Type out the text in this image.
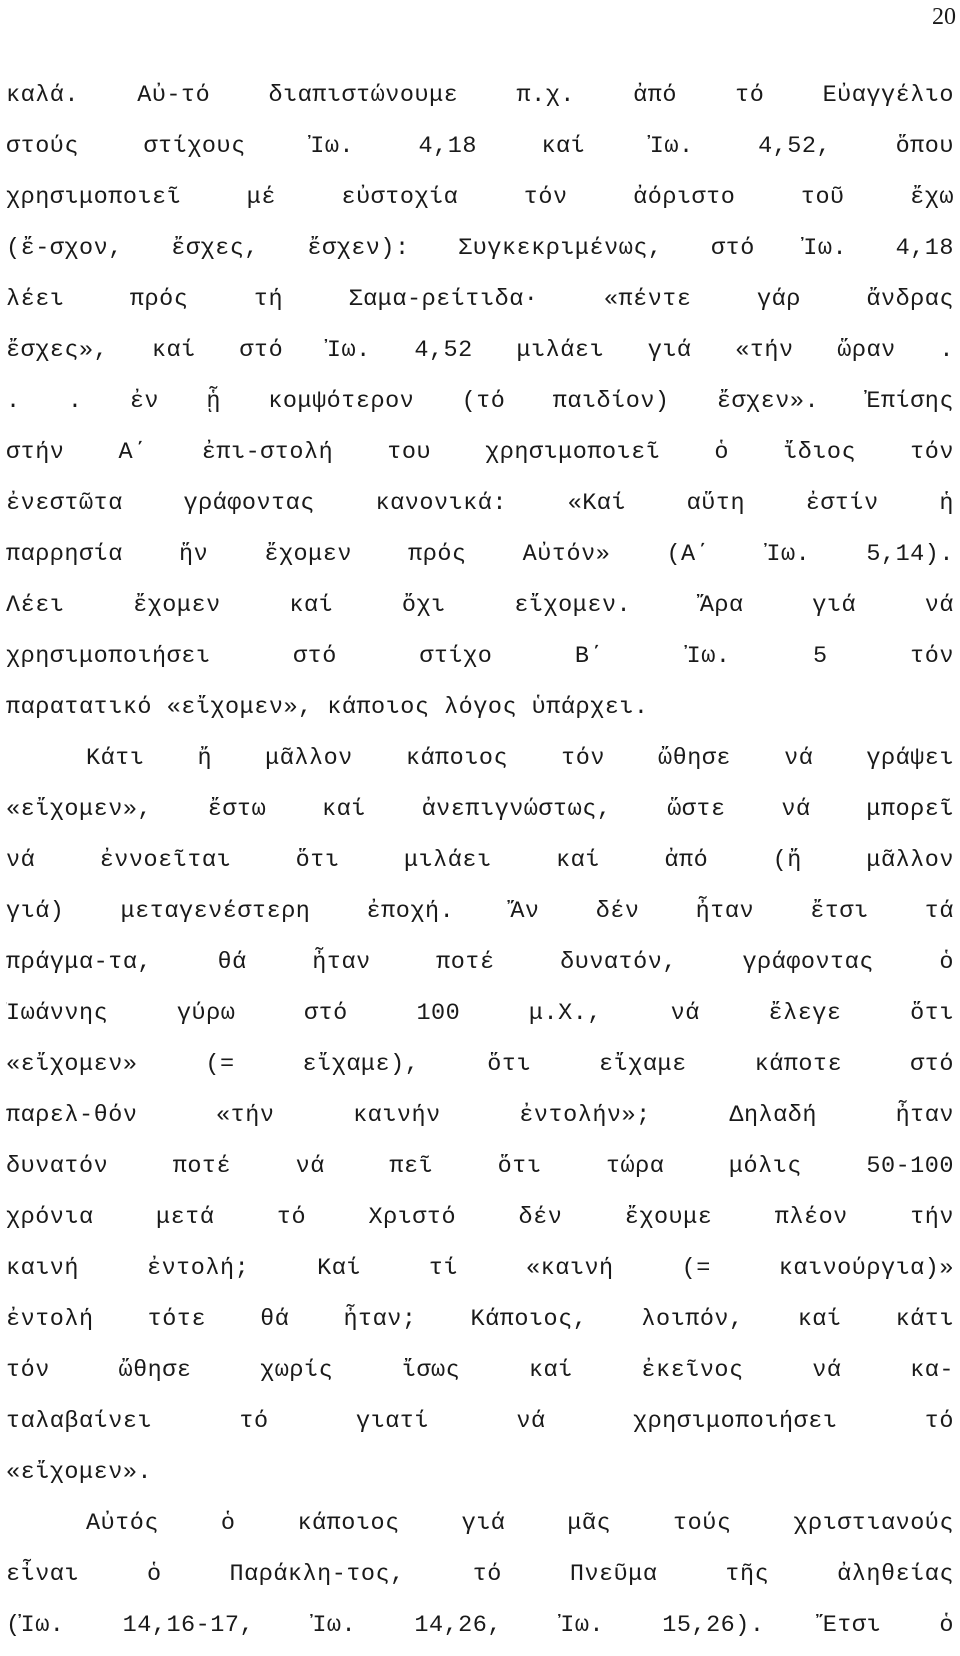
20
καλά. Αὐ-τό διαπιστώνουμε π.χ. ἀπό τό Εὐαγγέλιο
στούς στίχους Ἰω. 4,18 καί Ἰω. 4,52, ὅπου
χρησιμοποιεῖ μέ εὐστοχία τόν ἀόριστο τοῦ ἔχω
(ἔ-σχον, ἔσχες, ἔσχεν): Συγκεκριμένως, στό Ἰω. 4,18
λέει πρός τή Σαμα-ρείτιδα· «πέντε γάρ ἄνδρας
ἔσχες», καί στό Ἰω. 4,52 μιλάει γιά «τήν ὥραν .
. . ἐν ᾗ κομψότερον (τό παιδίον) ἔσχεν». Ἐπίσης
στήν Α΄ ἐπι-στολή του χρησιμοποιεῖ ὁ ἴδιος τόν
ἐνεστῶτα γράφοντας κανονικά: «Καί αὕτη ἐστίν ἡ
παρρησία ἥν ἔχομεν πρός Αὐτόν» (Α΄ Ἰω. 5,14).
Λέει ἔχομεν καί ὄχι εἴχομεν. Ἄρα γιά νά
χρησιμοποιήσει στό στίχο Β΄ Ἰω. 5 τόν
παρατατικό «εἴχομεν», κάποιος λόγος ὑπάρχει.
Κάτι ἤ μᾶλλον κάποιος τόν ὤθησε νά γράψει
«εἴχομεν», ἔστω καί ἀνεπιγνώστως, ὥστε νά μπορεῖ
νά ἐννοεῖται ὅτι μιλάει καί ἀπό (ἤ μᾶλλον
γιά) μεταγενέστερη ἐποχή. Ἄν δέν ἦταν ἔτσι τά
πράγμα-τα, θά ἦταν ποτέ δυνατόν, γράφοντας ὁ
Ἰωάννης γύρω στό 100 μ.Χ., νά ἔλεγε ὅτι
«εἴχομεν» (= εἴχαμε), ὅτι εἴχαμε κάποτε στό
παρελ-θόν «τήν καινήν ἐντολήν»; Δηλαδή ἦταν
δυνατόν ποτέ νά πεῖ ὅτι τώρα μόλις 50-100
χρόνια μετά τό Χριστό δέν ἔχουμε πλέον τήν
καινή ἐντολή; Καί τί «καινή (= καινούργια)»
ἐντολή τότε θά ἦταν; Κάποιος, λοιπόν, καί κάτι
τόν ὤθησε χωρίς ἴσως καί ἐκεῖνος νά κα-
ταλαβαίνει τό γιατί νά χρησιμοποιήσει τό
«εἴχομεν».
Αὐτός ὁ κάποιος γιά μᾶς τούς χριστιανούς
εἶναι ὁ Παράκλη-τος, τό Πνεῦμα τῆς ἀληθείας
(Ἰω. 14,16-17, Ἰω. 14,26, Ἰω. 15,26). Ἔτσι ὁ
